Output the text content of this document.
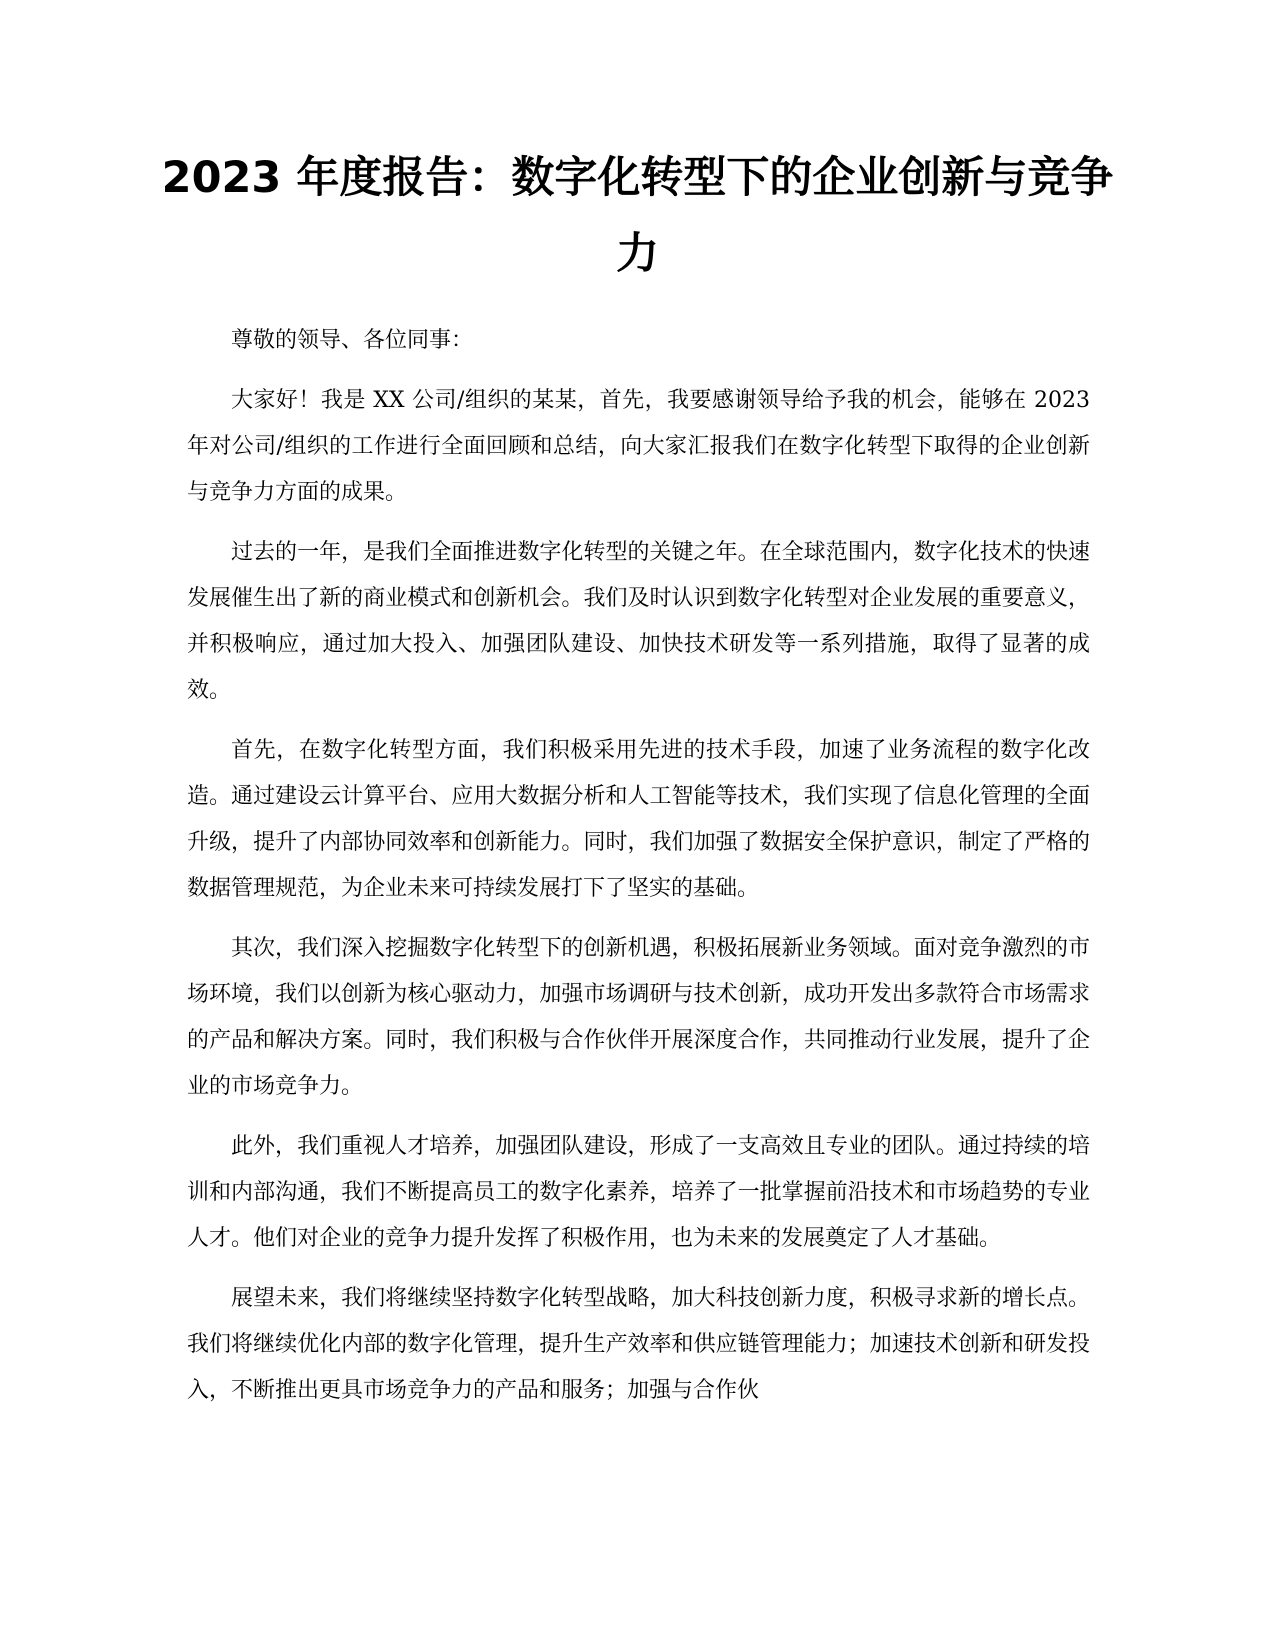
2023 年度报告：数字化转型下的企业创新与竞争力

尊敬的领导、各位同事：

大家好！我是 XX 公司/组织的某某，首先，我要感谢领导给予我的机会，能够在 2023 年对公司/组织的工作进行全面回顾和总结，向大家汇报我们在数字化转型下取得的企业创新与竞争力方面的成果。

过去的一年，是我们全面推进数字化转型的关键之年。在全球范围内，数字化技术的快速发展催生出了新的商业模式和创新机会。我们及时认识到数字化转型对企业发展的重要意义，并积极响应，通过加大投入、加强团队建设、加快技术研发等一系列措施，取得了显著的成效。

首先，在数字化转型方面，我们积极采用先进的技术手段，加速了业务流程的数字化改造。通过建设云计算平台、应用大数据分析和人工智能等技术，我们实现了信息化管理的全面升级，提升了内部协同效率和创新能力。同时，我们加强了数据安全保护意识，制定了严格的数据管理规范，为企业未来可持续发展打下了坚实的基础。

其次，我们深入挖掘数字化转型下的创新机遇，积极拓展新业务领域。面对竞争激烈的市场环境，我们以创新为核心驱动力，加强市场调研与技术创新，成功开发出多款符合市场需求的产品和解决方案。同时，我们积极与合作伙伴开展深度合作，共同推动行业发展，提升了企业的市场竞争力。

此外，我们重视人才培养，加强团队建设，形成了一支高效且专业的团队。通过持续的培训和内部沟通，我们不断提高员工的数字化素养，培养了一批掌握前沿技术和市场趋势的专业人才。他们对企业的竞争力提升发挥了积极作用，也为未来的发展奠定了人才基础。

展望未来，我们将继续坚持数字化转型战略，加大科技创新力度，积极寻求新的增长点。我们将继续优化内部的数字化管理，提升生产效率和供应链管理能力；加速技术创新和研发投入，不断推出更具市场竞争力的产品和服务；加强与合作伙
